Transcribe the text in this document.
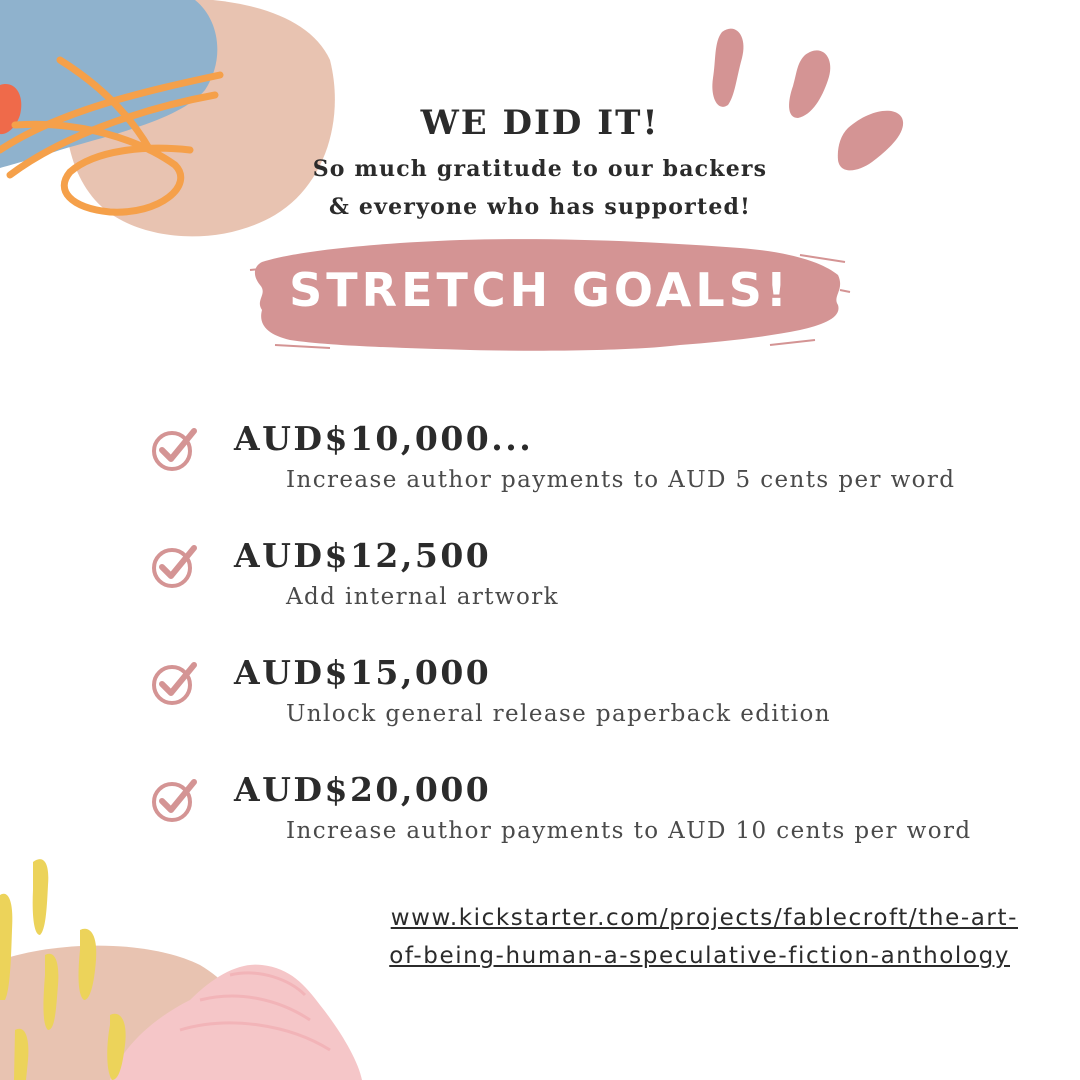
WE DID IT!
So much gratitude to our backers
& everyone who has supported!
STRETCH GOALS!
AUD$10,000...
Increase author payments to AUD 5 cents per word
AUD$12,500
Add internal artwork
AUD$15,000
Unlock general release paperback edition
AUD$20,000
Increase author payments to AUD 10 cents per word
www.kickstarter.com/projects/fablecroft/the-art-
of-being-human-a-speculative-fiction-anthology
